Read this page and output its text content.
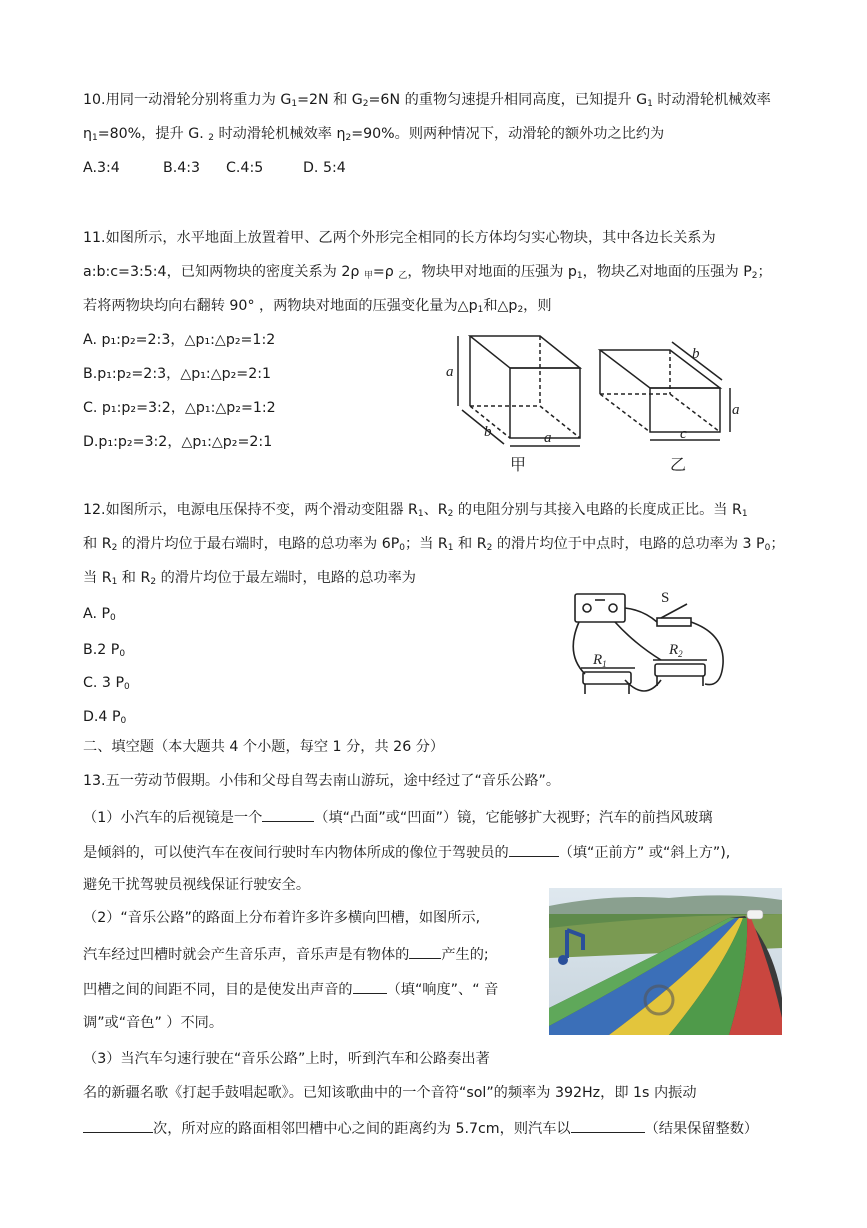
10.用同一动滑轮分别将重力为 $G_1=2N$ 和 $G_2=6N$ 的重物匀速提升相同高度，已知提升 $G_1$ 时动滑轮机械效率
$\eta_1=80\%$，提升 G. $_2$ 时动滑轮机械效率 $\eta_2=90\%$。则两种情况下，动滑轮的额外功之比约为
A.3:4	B.4:3 C.4:5	D. 5:4
11.如图所示，水平地面上放置着甲、乙两个外形完全相同的长方体均匀实心物块，其中各边长关系为
a:b:c=3:5:4，已知两物块的密度关系为 2ρ $_甲$=ρ $_乙$，物块甲对地面的压强为 $p_1$，物块乙对地面的压强为 $P_2$；
若将两物块均向右翻转 90° ，两物块对地面的压强变化量为$\triangle p_1$和$\triangle p_2$，则
A. p₁:p₂=2:3，△p₁:△p₂=1:2
B.p₁:p₂=2:3，△p₁:△p₂=2:1
C. p₁:p₂=3:2，△p₁:△p₂=1:2
D.p₁:p₂=3:2，△p₁:△p₂=2:1
a
b	a
b
a
c
甲	乙
12.如图所示，电源电压保持不变，两个滑动变阻器 $R_1$、$R_2$ 的电阻分别与其接入电路的长度成正比。当 $R_1$
和 $R_2$ 的滑片均位于最右端时，电路的总功率为 $6P_0$；当 $R_1$ 和 $R_2$ 的滑片均位于中点时，电路的总功率为 3 $P_0$；
当 $R_1$ 和 $R_2$ 的滑片均位于最左端时，电路的总功率为
A. $P_0$
B.2 $P_0$
C. 3 $P_0$
D.4 $P_0$
S
$R_1$
$R_2$
二、填空题（本大题共 4 个小题，每空 1 分，共 26 分）
13.五一劳动节假期。小伟和父母自驾去南山游玩，途中经过了“音乐公路”。
（1）小汽车的后视镜是一个	（填“凸面”或“凹面”）镜，它能够扩大视野；汽车的前挡风玻璃
是倾斜的，可以使汽车在夜间行驶时车内物体所成的像位于驾驶员的	（填“正前方” 或“斜上方”),
避免干扰驾驶员视线保证行驶安全。
（2）“音乐公路”的路面上分布着许多许多横向凹槽，如图所示,
汽车经过凹槽时就会产生音乐声，音乐声是有物体的 产生的;
凹槽之间的间距不同，目的是使发出声音的 （填“响度”、“ 音
调”或“音色” ）不同。
（3）当汽车匀速行驶在“音乐公路”上时，听到汽车和公路奏出著
名的新疆名歌《打起手鼓唱起歌》。已知该歌曲中的一个音符“sol”的频率为 392Hz，即 1s 内振动
次，所对应的路面相邻凹槽中心之间的距离约为 5.7cm，则汽车以	（结果保留整数）
